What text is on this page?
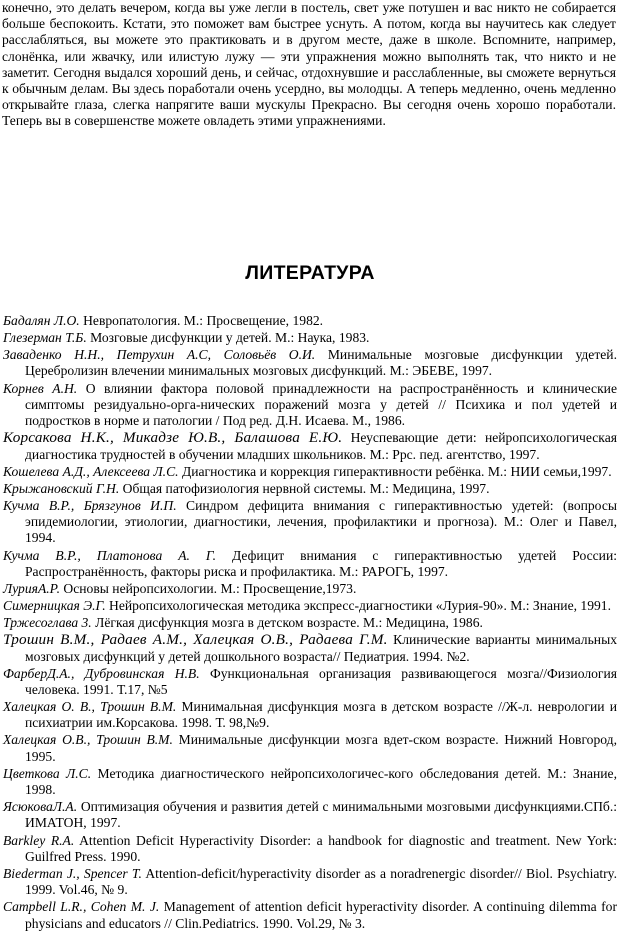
конечно, это делать вечером, когда вы уже легли в постель, свет уже потушен и вас никто не собирается больше беспокоить. Кстати, это поможет вам быстрее уснуть. А потом, когда вы научитесь как следует расслабляться, вы можете это практиковать и в другом месте, даже в школе. Вспомните, например, слонёнка, или жвачку, или илистую лужу — эти упражнения можно выполнять так, что никто и не заметит. Сегодня выдался хороший день, и сейчас, отдохнувшие и расслабленные, вы сможете вернуться к обычным делам. Вы здесь поработали очень усердно, вы молодцы. А теперь медленно, очень медленно открывайте глаза, слегка напрягите ваши мускулы Прекрасно. Вы сегодня очень хорошо поработали. Теперь вы в совершенстве можете овладеть этими упражнениями.

ЛИТЕРАТУРА

Бадалян Л.О. Невропатология. М.: Просвещение, 1982.

Глезерман Т.Б. Мозговые дисфункции у детей. М.: Наука, 1983.

Заваденко Н.Н., Петрухин А.С, Соловьёв О.И. Минимальные мозговые дисфункции удетей. Церебролизин влечении минимальных мозговых дисфункций. М.: ЭБЕВЕ, 1997.

Корнев А.Н. О влиянии фактора половой принадлежности на распространённость и клинические симптомы резидуально-орга-нических поражений мозга у детей // Психика и пол удетей и подростков в норме и патологии / Под ред. Д.Н. Исаева. М., 1986.

Корсакова Н.К., Микадзе Ю.В., Балашова Е.Ю. Неуспевающие дети: нейропсихологическая диагностика трудностей в обучении младших школьников. М.: Ррс. пед. агентство, 1997.

Кошелева А.Д., Алексеева Л.С. Диагностика и коррекция гиперактивности ребёнка. М.: НИИ семьи,1997.

Крыжановский Г.Н. Общая патофизиология нервной системы. М.: Медицина, 1997.

Кучма В.Р., Брязгунов И.П. Синдром дефицита внимания с гиперактивностью удетей: (вопросы эпидемиологии, этиологии, диагностики, лечения, профилактики и прогноза). М.: Олег и Павел, 1994.

Кучма В.Р., Платонова А. Г. Дефицит внимания с гиперактивностью удетей России: Распространённость, факторы риска и профилактика. М.: РАРОГЬ, 1997.

ЛурияА.Р. Основы нейропсихологии. М.: Просвещение,1973.

Симерницкая Э.Г. Нейропсихологическая методика экспресс-диагностики «Лурия-90». М.: Знание, 1991.

Тржесоглава 3. Лёгкая дисфункция мозга в детском возрасте. М.: Медицина, 1986.

Трошин В.М., Радаев А.М., Халецкая О.В., Радаева Г.М. Клинические варианты минимальных мозговых дисфункций у детей дошкольного возраста// Педиатрия. 1994. №2.

ФарберД.А., Дубровинская Н.В. Функциональная организация развивающегося мозга//Физиология человека. 1991. Т.17, №5

Халецкая О. В., Трошин В.М. Минимальная дисфункция мозга в детском возрасте //Ж-л. неврологии и психиатрии им.Корсакова. 1998. Т. 98,№9.

Халецкая О.В., Трошин В.М. Минимальные дисфункции мозга вдет-ском возрасте. Нижний Новгород, 1995.

Цветкова Л.С. Методика диагностического нейропсихологичес-кого обследования детей. М.: Знание, 1998.

ЯсюковаЛ.А. Оптимизация обучения и развития детей с минимальными мозговыми дисфункциями.СПб.: ИМАТОН, 1997.

Barkley R.A. Attention Deficit Hyperactivity Disorder: a handbook for diagnostic and treatment. New York: Guilfred Press. 1990.

Biederman J., Spencer T. Attention-deficit/hyperactivity disorder as a noradrenergic disorder// Biol. Psychiatry. 1999. Vol.46, № 9.

Campbell L.R., Cohen M. J. Management of attention deficit hyperactivity disorder. A continuing dilemma for physicians and educators // Clin.Pediatrics. 1990. Vol.29, № 3.
